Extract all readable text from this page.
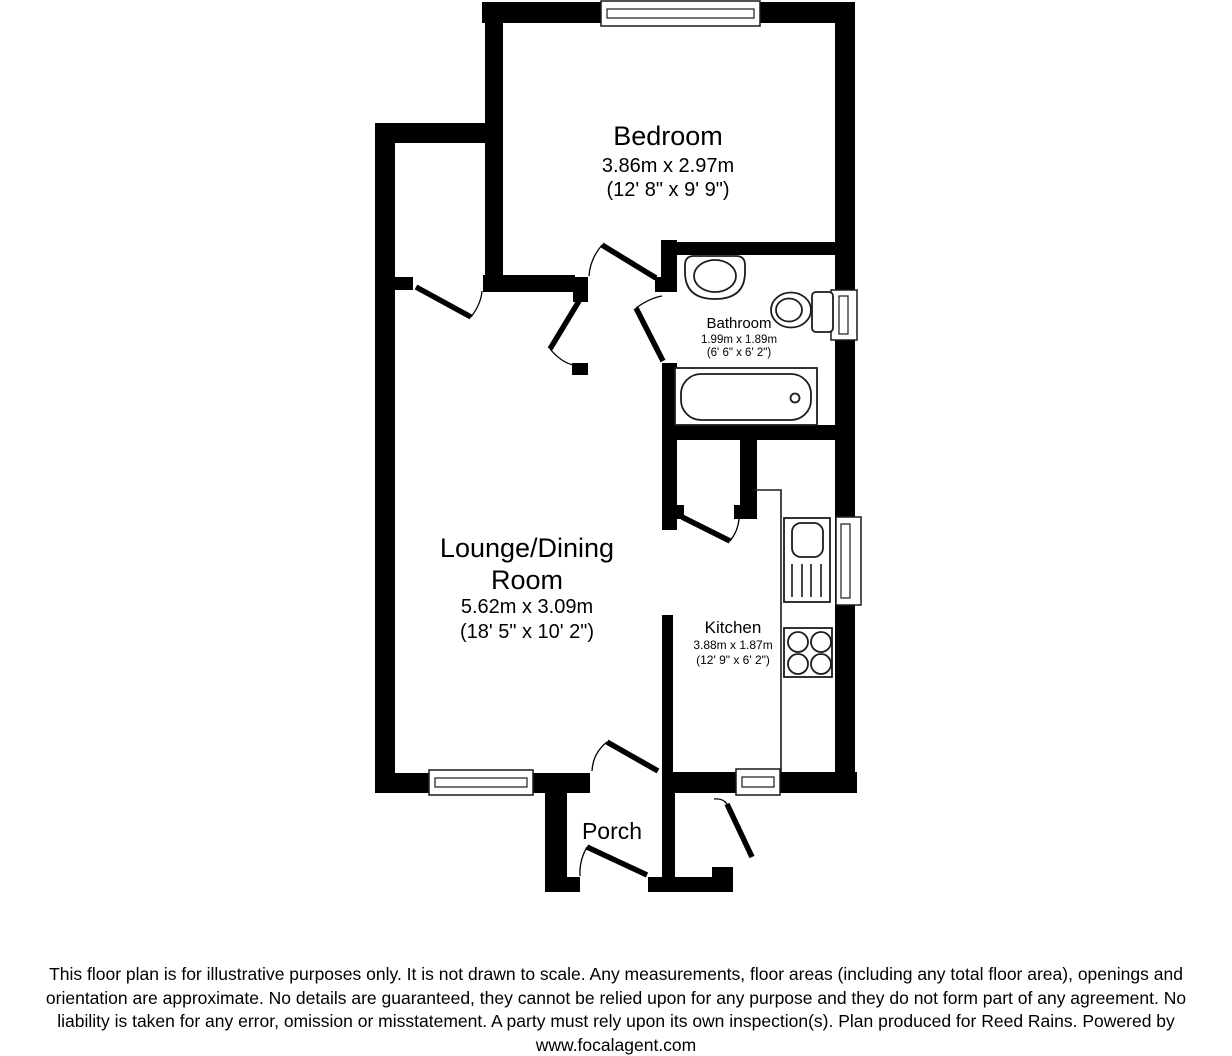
Bedroom
3.86m x 2.97m
(12' 8" x 9' 9")
Bathroom
1.99m x 1.89m
(6' 6" x 6' 2")
Lounge/Dining
Room
5.62m x 3.09m
(18' 5" x 10' 2")	Kitchen
3.88m x 1.87m
(12' 9" x 6' 2")
Porch
This floor plan is for illustrative purposes only. It is not drawn to scale. Any measurements, floor areas (including any total floor area), openings and
orientation are approximate. No details are guaranteed, they cannot be relied upon for any purpose and they do not form part of any agreement. No
liability is taken for any error, omission or misstatement. A party must rely upon its own inspection(s). Plan produced for Reed Rains. Powered by
www.focalagent.com
